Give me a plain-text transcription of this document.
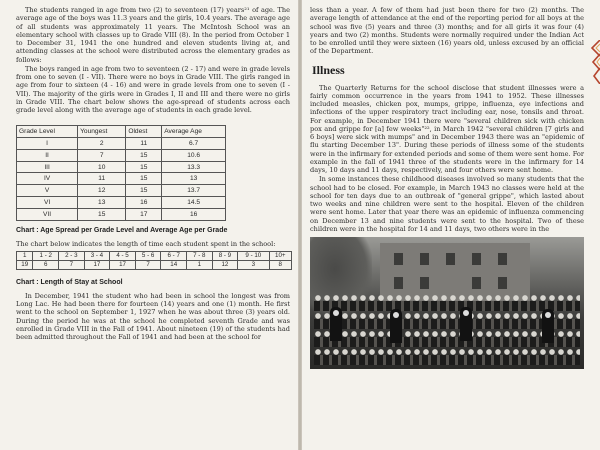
The students ranged in age from two (2) to seventeen (17) years²¹ of age. The average age of the boys was 11.3 years and the girls, 10.4 years. The average age of all students was approximately 11 years. The McIntosh School was an elementary school with classes up to Grade VIII (8). In the period from October 1 to December 31, 1941 the one hundred and eleven students living at, and attending classes at the school were distributed across the elementary grades as follows:

The boys ranged in age from two to seventeen (2 - 17) and were in grade levels from one to seven (I - VII). There were no boys in Grade VIII. The girls ranged in age from four to sixteen (4 - 16) and were in grade levels from one to seven (I - VII). The majority of the girls were in Grades I, II and III and there were no girls in Grade VIII. The chart below shows the age-spread of students across each grade level along with the average age of students in each grade level.

Grade Level	Youngest	Oldest	Average Age
I	2	11	6.7
II	7	15	10.6
III	10	15	13.3
IV	11	15	13
V	12	15	13.7
VI	13	16	14.5
VII	15	17	16
Chart : Age Spread per Grade Level and Average Age per Grade

The chart below indicates the length of time each student spent in the school:

1	1 - 2	2 - 3	3 - 4	4 - 5	5 - 6	6 - 7	7 - 8	8 - 9	9 - 10	10+
19	6	7	17	17	7	14	1	12	3	8
Chart : Length of Stay at School

In December, 1941 the student who had been in school the longest was from Long Lac. He had been there for fourteen (14) years and one (1) month. He first went to the school on September 1, 1927 when he was about three (3) years old. During the period he was at the school he completed seventh Grade and was enrolled in Grade VIII in the Fall of 1941. About nineteen (19) of the students had been admitted throughout the Fall of 1941 and had been at the school for

less than a year. A few of them had just been there for two (2) months. The average length of attendance at the end of the reporting period for all boys at the school was five (5) years and three (3) months; and for all girls it was four (4) years and two (2) months. Students were normally required under the Indian Act to be enrolled until they were sixteen (16) years old, unless excused by an official of the Department.

Illness

The Quarterly Returns for the school disclose that student illnesses were a fairly common occurrence in the years from 1941 to 1952. These illnesses included measles, chicken pox, mumps, grippe, influenza, eye infections and infections of the upper respiratory tract including ear, nose, tonsils and throat. For example, in December 1941 there were "several children sick with chicken pox and grippe for [a] few weeks"²², in March 1942 "several children [7 girls and 6 boys] were sick with mumps" and in December 1943 there was an "epidemic of flu starting December 13". During these periods of illness some of the students were in the infirmary for extended periods and some of them were sent home. For example in the fall of 1941 three of the students were in the infirmary for 14 days, 10 days and 11 days, respectively, and four others were sent home.

In some instances these childhood diseases involved so many students that the school had to be closed. For example, in March 1943 no classes were held at the school for ten days due to an outbreak of "general grippe", which lasted about two weeks and nine children were sent to the hospital. Eleven of the children were sent home. Later that year there was an epidemic of influenza commencing on December 13 and nine students were sent to the hospital. Two of these children were in the hospital for 14 and 11 days, two others were in the
